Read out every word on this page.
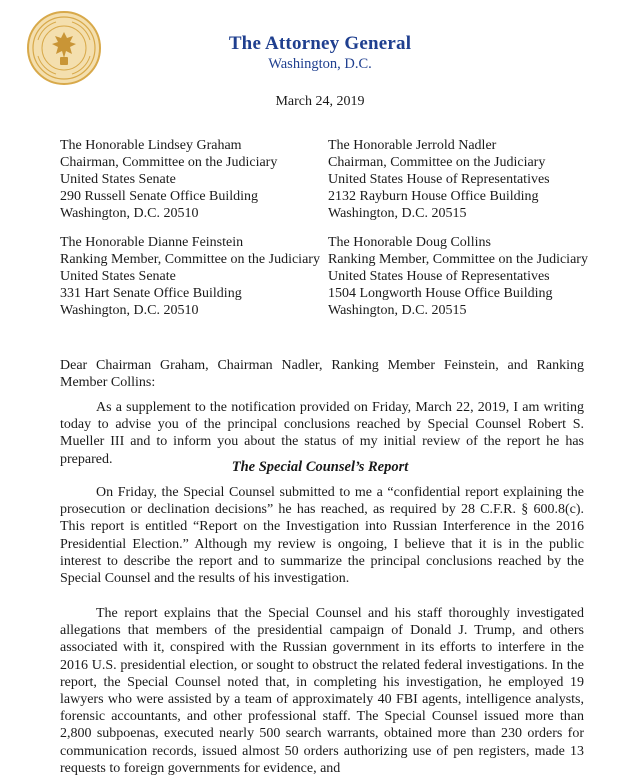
The Attorney General
Washington, D.C.
March 24, 2019
The Honorable Lindsey Graham
Chairman, Committee on the Judiciary
United States Senate
290 Russell Senate Office Building
Washington, D.C. 20510
The Honorable Jerrold Nadler
Chairman, Committee on the Judiciary
United States House of Representatives
2132 Rayburn House Office Building
Washington, D.C. 20515
The Honorable Dianne Feinstein
Ranking Member, Committee on the Judiciary
United States Senate
331 Hart Senate Office Building
Washington, D.C. 20510
The Honorable Doug Collins
Ranking Member, Committee on the Judiciary
United States House of Representatives
1504 Longworth House Office Building
Washington, D.C. 20515

Dear Chairman Graham, Chairman Nadler, Ranking Member Feinstein, and Ranking Member Collins:

As a supplement to the notification provided on Friday, March 22, 2019, I am writing today to advise you of the principal conclusions reached by Special Counsel Robert S. Mueller III and to inform you about the status of my initial review of the report he has prepared.	The Special Counsel’s Report

On Friday, the Special Counsel submitted to me a “confidential report explaining the prosecution or declination decisions” he has reached, as required by 28 C.F.R. § 600.8(c). This report is entitled “Report on the Investigation into Russian Interference in the 2016 Presidential Election.” Although my review is ongoing, I believe that it is in the public interest to describe the report and to summarize the principal conclusions reached by the Special Counsel and the results of his investigation.

The report explains that the Special Counsel and his staff thoroughly investigated allegations that members of the presidential campaign of Donald J. Trump, and others associated with it, conspired with the Russian government in its efforts to interfere in the 2016 U.S. presidential election, or sought to obstruct the related federal investigations. In the report, the Special Counsel noted that, in completing his investigation, he employed 19 lawyers who were assisted by a team of approximately 40 FBI agents, intelligence analysts, forensic accountants, and other professional staff. The Special Counsel issued more than 2,800 subpoenas, executed nearly 500 search warrants, obtained more than 230 orders for communication records, issued almost 50 orders authorizing use of pen registers, made 13 requests to foreign governments for evidence, and
